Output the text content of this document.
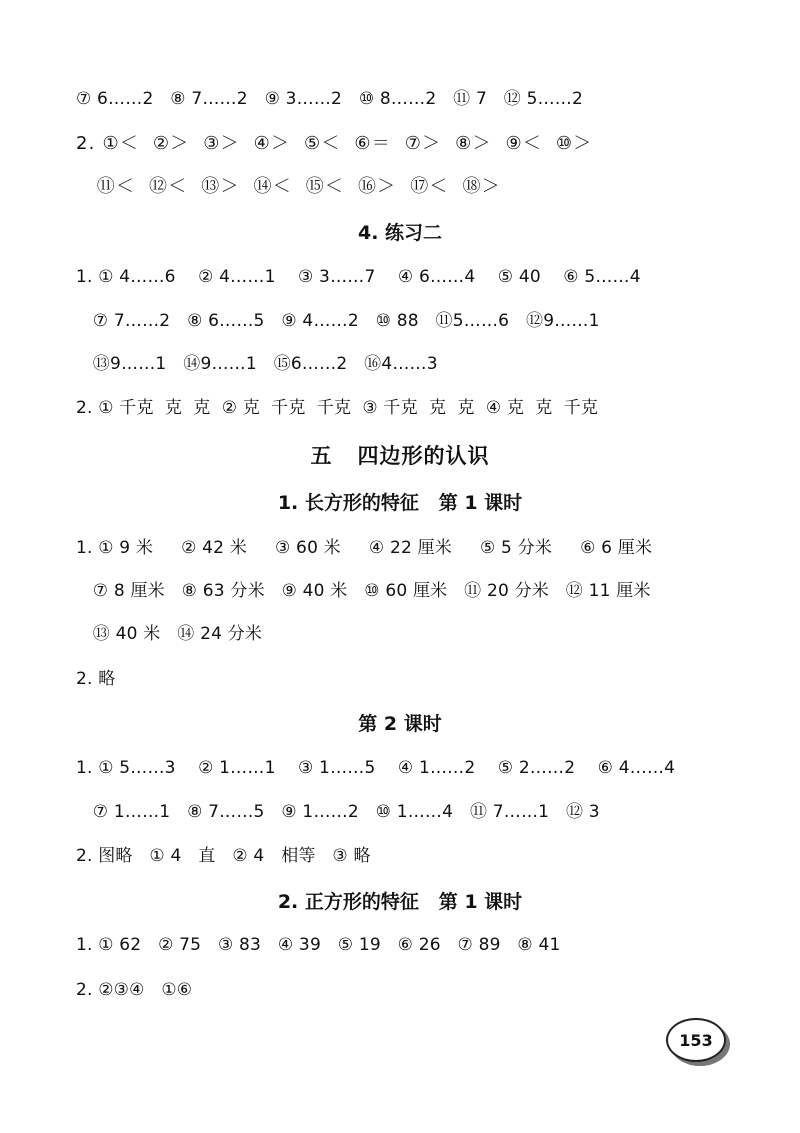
⑦ 6……2   ⑧ 7……2   ⑨ 3……2   ⑩ 8……2   ⑪ 7   ⑫ 5……2
2. ①＜  ②＞  ③＞  ④＞  ⑤＜  ⑥＝  ⑦＞  ⑧＞  ⑨＜  ⑩＞
⑪＜  ⑫＜  ⑬＞  ⑭＜  ⑮＜  ⑯＞  ⑰＜  ⑱＞
4. 练习二
1. ① 4……6    ② 4……1    ③ 3……7    ④ 6……4    ⑤ 40    ⑥ 5……4
⑦ 7……2   ⑧ 6……5   ⑨ 4……2   ⑩ 88   ⑪5……6   ⑫9……1
⑬9……1   ⑭9……1   ⑮6……2   ⑯4……3
2. ① 千克  克  克  ② 克  千克  千克  ③ 千克  克  克  ④ 克  克  千克
五   四边形的认识
1. 长方形的特征   第 1 课时
1. ① 9 米     ② 42 米     ③ 60 米     ④ 22 厘米     ⑤ 5 分米     ⑥ 6 厘米
⑦ 8 厘米   ⑧ 63 分米   ⑨ 40 米   ⑩ 60 厘米   ⑪ 20 分米   ⑫ 11 厘米
⑬ 40 米   ⑭ 24 分米
2. 略
第 2 课时
1. ① 5……3    ② 1……1    ③ 1……5    ④ 1……2    ⑤ 2……2    ⑥ 4……4
⑦ 1……1   ⑧ 7……5   ⑨ 1……2   ⑩ 1……4   ⑪ 7……1   ⑫ 3
2. 图略   ① 4   直   ② 4   相等   ③ 略
2. 正方形的特征   第 1 课时
1. ① 62   ② 75   ③ 83   ④ 39   ⑤ 19   ⑥ 26   ⑦ 89   ⑧ 41
2. ②③④   ①⑥
153
